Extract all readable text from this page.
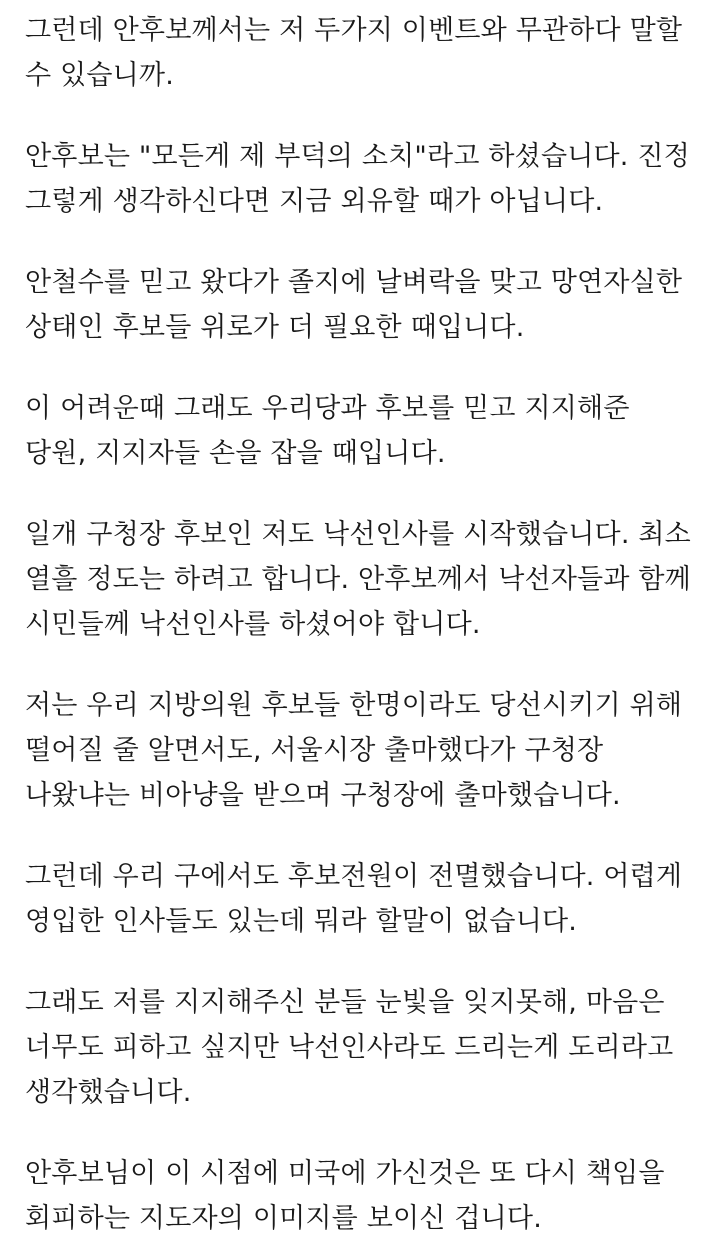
그런데 안후보께서는 저 두가지 이벤트와 무관하다 말할
수 있습니까.

안후보는 "모든게 제 부덕의 소치"라고 하셨습니다. 진정
그렇게 생각하신다면 지금 외유할 때가 아닙니다.

안철수를 믿고 왔다가 졸지에 날벼락을 맞고 망연자실한
상태인 후보들 위로가 더 필요한 때입니다.

이 어려운때 그래도 우리당과 후보를 믿고 지지해준
당원, 지지자들 손을 잡을 때입니다.

일개 구청장 후보인 저도 낙선인사를 시작했습니다. 최소
열흘 정도는 하려고 합니다. 안후보께서 낙선자들과 함께
시민들께 낙선인사를 하셨어야 합니다.

저는 우리 지방의원 후보들 한명이라도 당선시키기 위해
떨어질 줄 알면서도, 서울시장 출마했다가 구청장
나왔냐는 비아냥을 받으며 구청장에 출마했습니다.

그런데 우리 구에서도 후보전원이 전멸했습니다. 어렵게
영입한 인사들도 있는데 뭐라 할말이 없습니다.

그래도 저를 지지해주신 분들 눈빛을 잊지못해, 마음은
너무도 피하고 싶지만 낙선인사라도 드리는게 도리라고
생각했습니다.

안후보님이 이 시점에 미국에 가신것은 또 다시 책임을
회피하는 지도자의 이미지를 보이신 겁니다.
